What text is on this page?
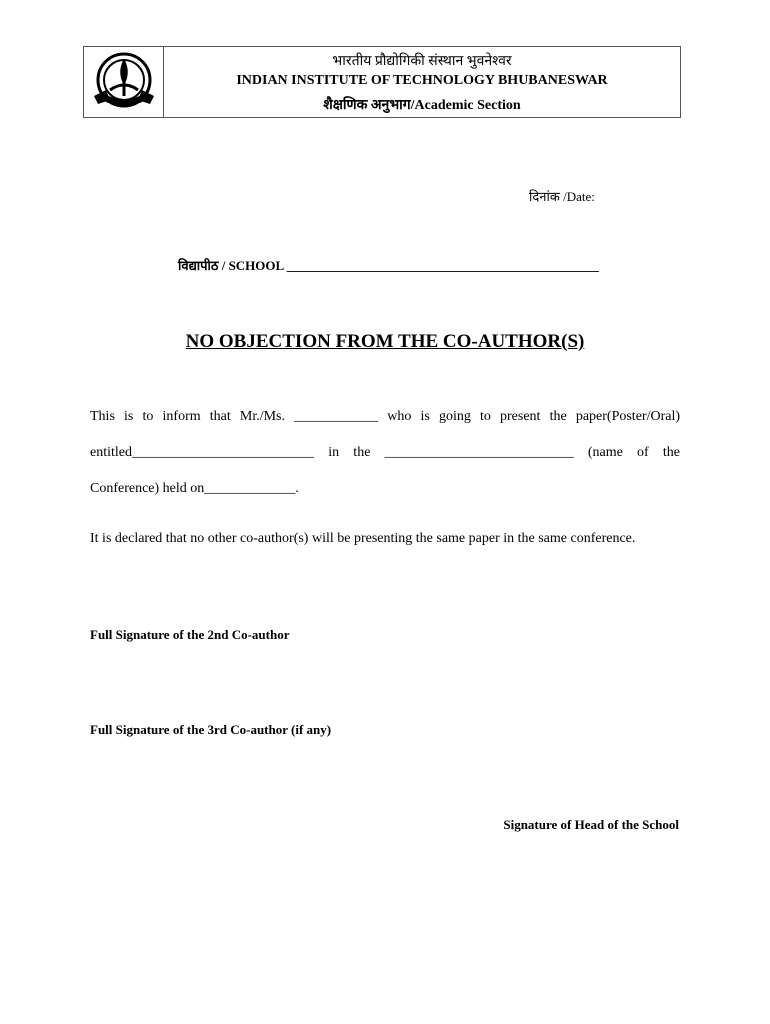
भारतीय प्रौद्योगिकी संस्थान भुवनेश्वर
INDIAN INSTITUTE OF TECHNOLOGY BHUBANESWAR
शैक्षणिक अनुभाग/Academic Section
दिनांक /Date:
विद्यापीठ / SCHOOL ________________________________________________
NO OBJECTION FROM THE CO-AUTHOR(S)
This is to inform that Mr./Ms. ____________ who is going to present the paper(Poster/Oral)
entitled__________________________ in the ___________________________ (name of the
Conference) held on_____________.
It is declared that no other co-author(s) will be presenting the same paper in the same conference.
Full Signature of the 2nd Co-author
Full Signature of the 3rd Co-author (if any)
Signature of Head of the School
